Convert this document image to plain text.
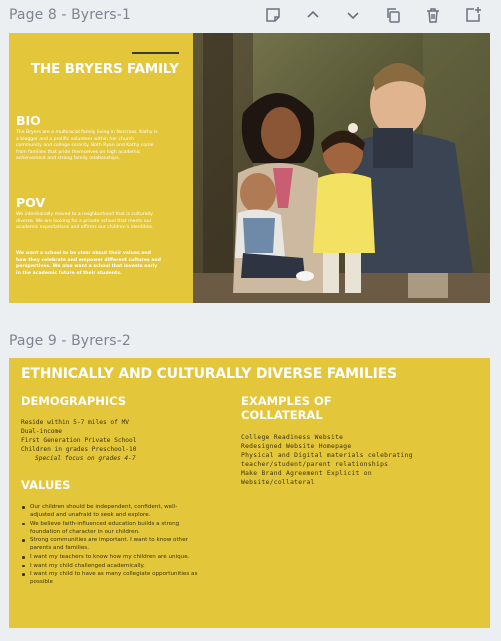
Page 8 - Byrers-1
THE BRYERS FAMILY
BIO
The Bryers are a multiracial family living in Norcross. Kathy is a blogger and a prolific volunteer within her church community and college sorority. Both Ryan and Kathy come from families that pride themselves on high academic achievement and strong family relationships.
POV
We intentionally moved to a neighborhood that is culturally diverse. We are looking for a private school that meets our academic expectations and affirms our children's identities.
We want a school to be clear about their values and how they celebrate and empower different cultures and perspectives. We also want a school that invests early in the academic future of their students.
Page 9 - Byrers-2
ETHNICALLY AND CULTURALLY DIVERSE FAMILIES
DEMOGRAPHICS
Reside within 5-7 miles of MV
Dual-income
First Generation Private School
Children in grades Preschool-10
Special focus on grades 4-7
EXAMPLES OF
COLLATERAL
College Readiness Website
Redesigned Website Homepage
Physical and Digital materials celebrating
teacher/student/parent relationships
Make Brand Agreement Explicit on
Website/collateral
VALUES
Our children should be independent, confident, well-adjusted and unafraid to seek and explore.
We believe faith-influenced education builds a strong foundation of character in our children.
Strong communities are important. I want to know other parents and families.
I want my teachers to know how my children are unique.
I want my child challenged academically.
I want my child to have as many collegiate opportunities as possible
